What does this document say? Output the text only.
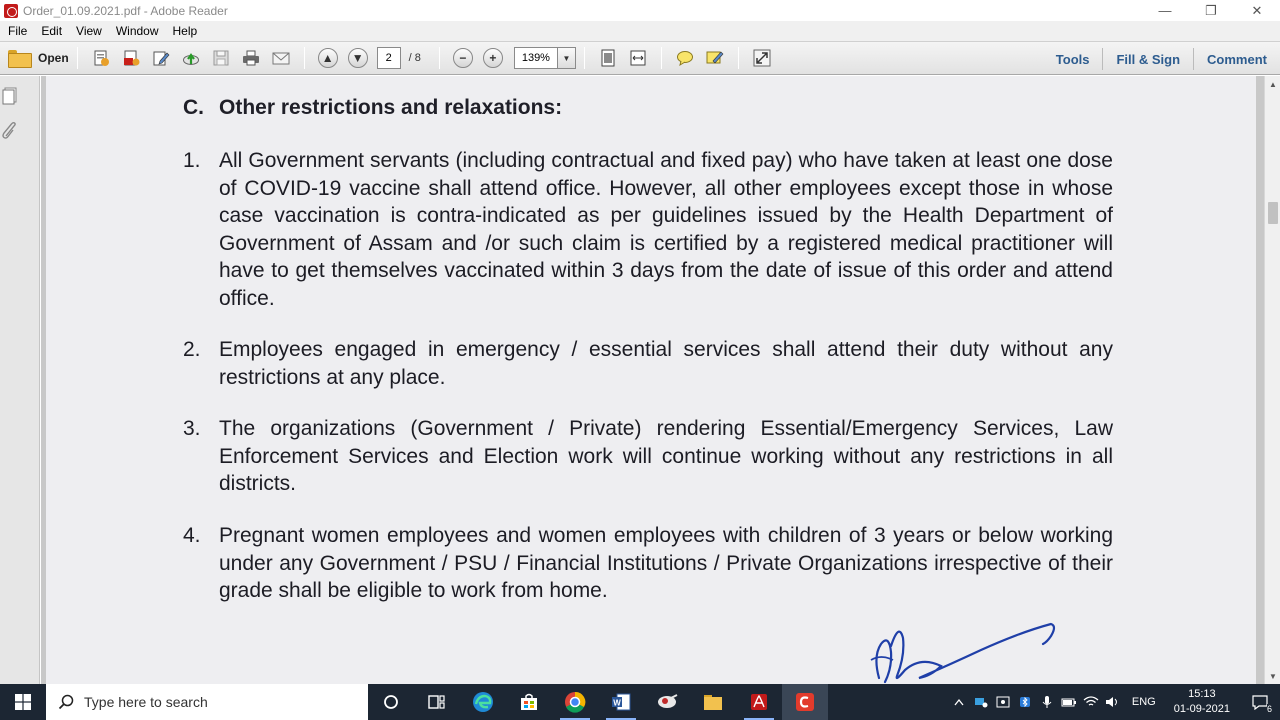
Order_01.09.2021.pdf - Adobe Reader	—	❐	✕
File	Edit	View	Window	Help
Open	▲	▼	2	/ 8	−	+	139%	▼	Tools	Fill & Sign	Comment

C. Other restrictions and relaxations:
1. All Government servants (including contractual and fixed pay) who have taken at least one dose of COVID-19 vaccine shall attend office. However, all other employees except those in whose case vaccination is contra-indicated as per guidelines issued by the Health Department of Government of Assam and /or such claim is certified by a registered medical practitioner will have to get themselves vaccinated within 3 days from the date of issue of this order and attend office.
2. Employees engaged in emergency / essential services shall attend their duty without any restrictions at any place.
3. The organizations (Government / Private) rendering Essential/Emergency Services, Law Enforcement Services and Election work will continue working without any restrictions in all districts.
4. Pregnant women employees and women employees with children of 3 years or below working under any Government / PSU / Financial Institutions / Private Organizations irrespective of their grade shall be eligible to work from home.
▲
▼
Type here to search	W	ENG
15:13
01-09-2021	6
